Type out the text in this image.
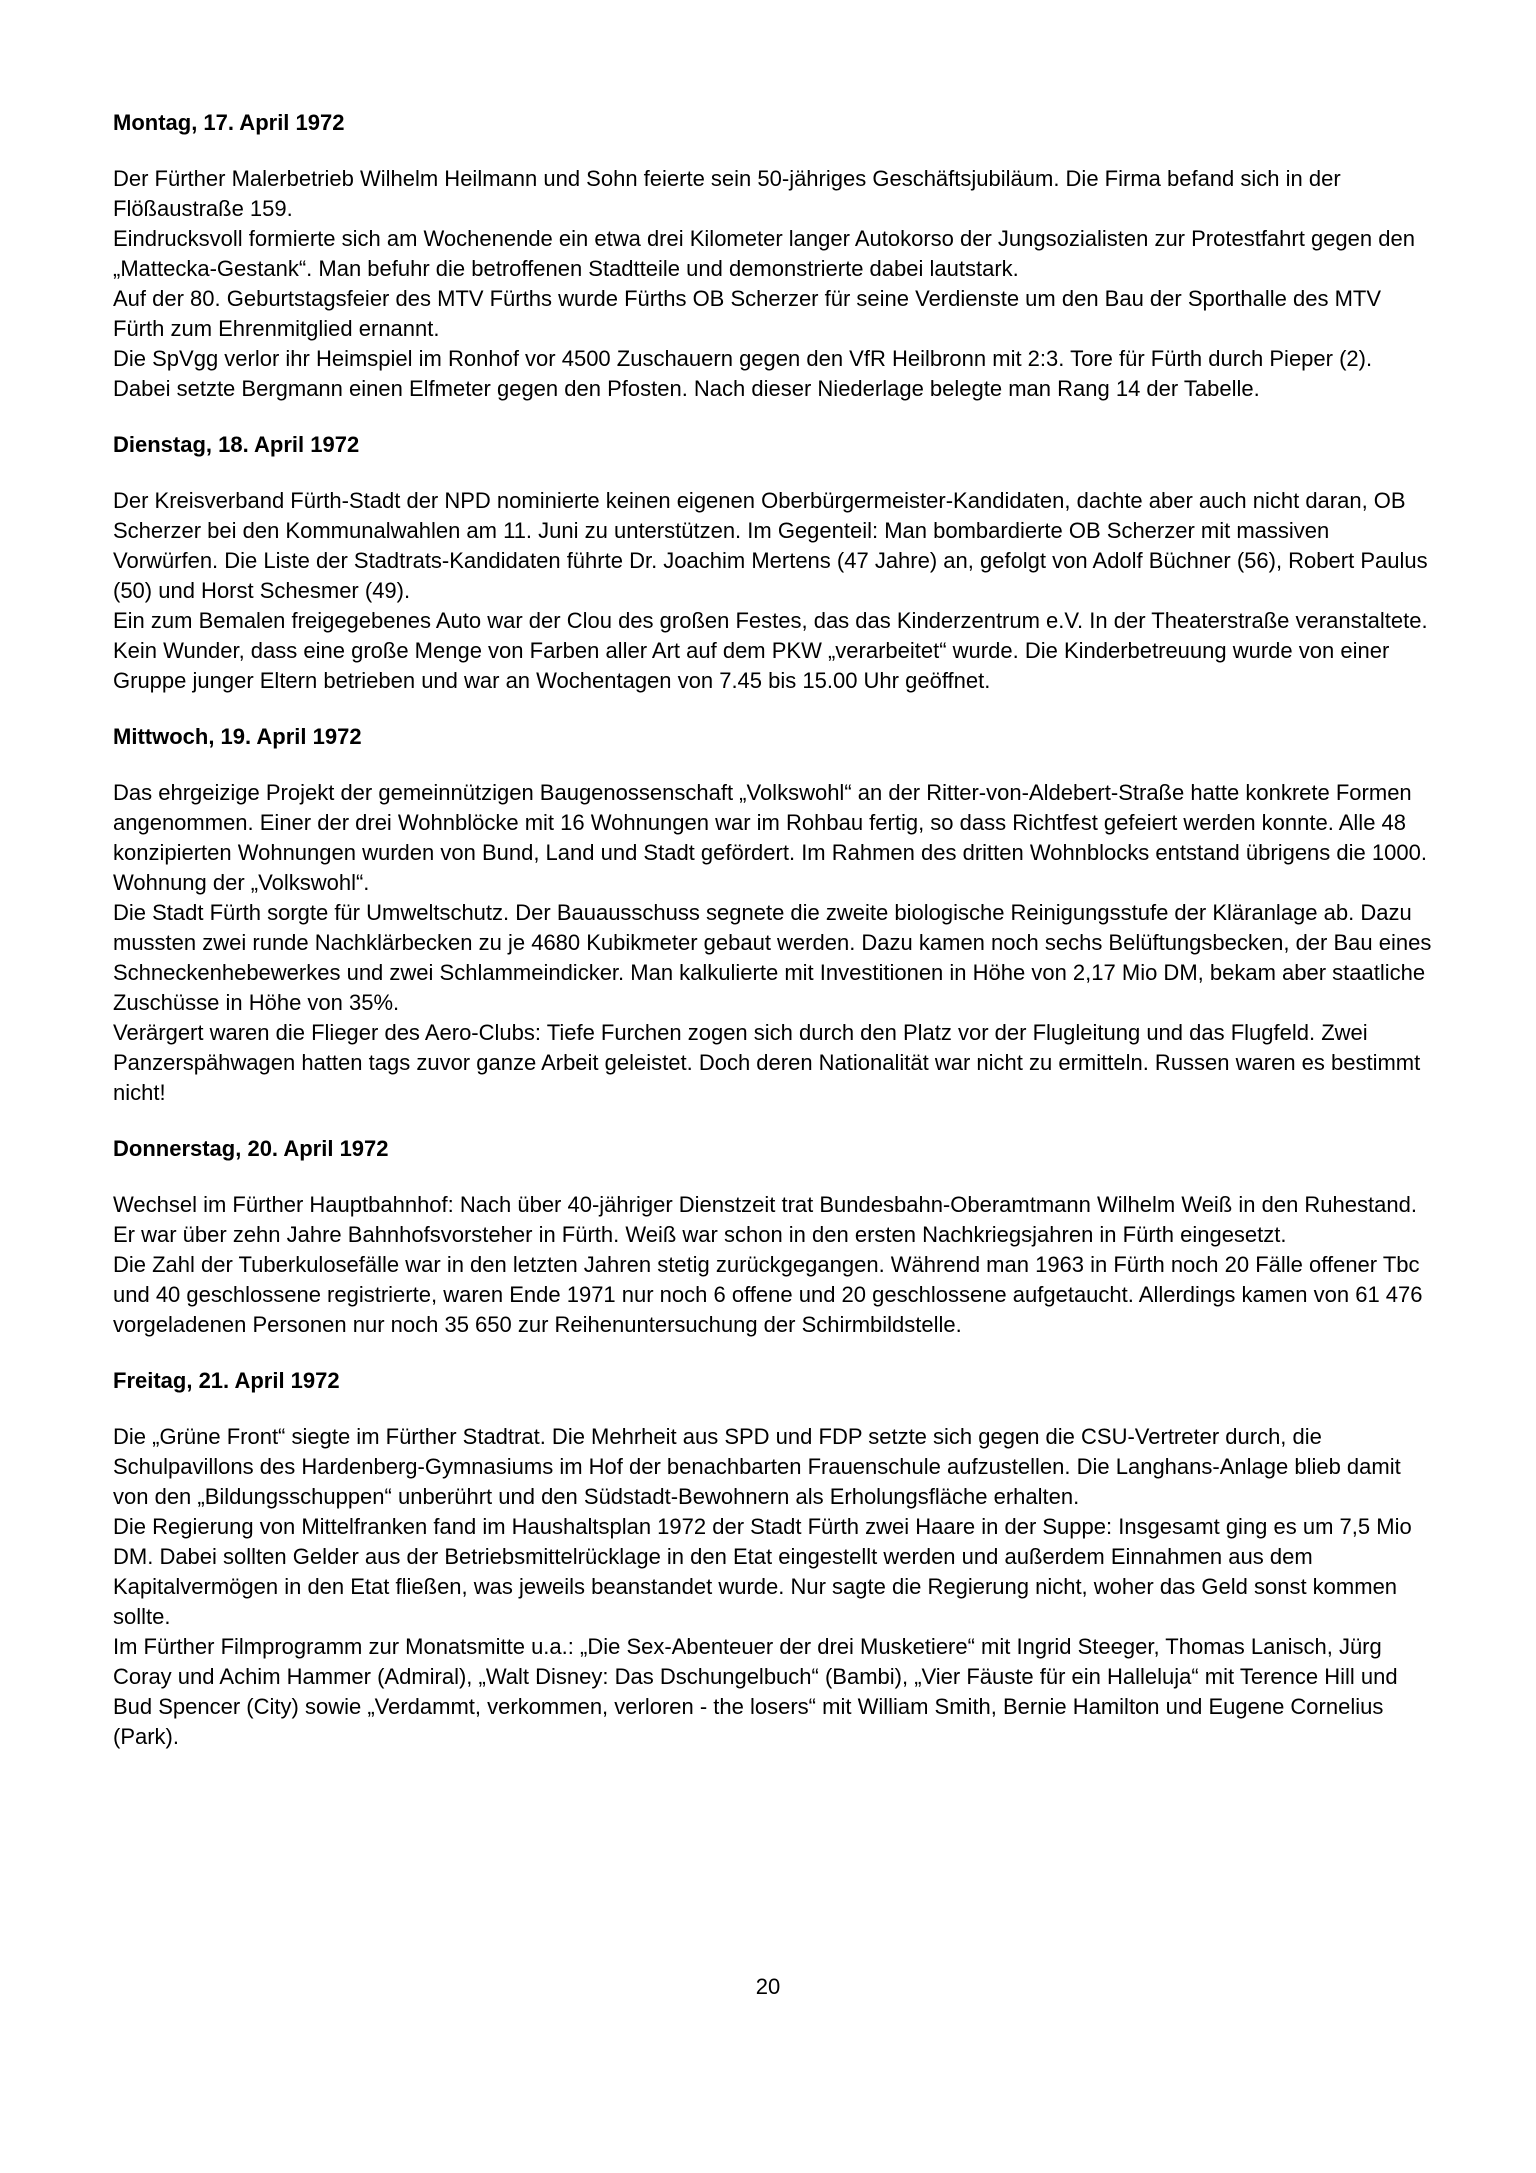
Montag, 17. April 1972

Der Fürther Malerbetrieb Wilhelm Heilmann und Sohn feierte sein 50-jähriges Geschäftsjubiläum. Die Firma befand sich in der Flößaustraße 159.

Eindrucksvoll formierte sich am Wochenende ein etwa drei Kilometer langer Autokorso der Jungsozialisten zur Protestfahrt gegen den „Mattecka-Gestank“. Man befuhr die betroffenen Stadtteile und demonstrierte dabei lautstark.

Auf der 80. Geburtstagsfeier des MTV Fürths wurde Fürths OB Scherzer für seine Verdienste um den Bau der Sporthalle des MTV Fürth zum Ehrenmitglied ernannt.

Die SpVgg verlor ihr Heimspiel im Ronhof vor 4500 Zuschauern gegen den VfR Heilbronn mit 2:3. Tore für Fürth durch Pieper (2). Dabei setzte Bergmann einen Elfmeter gegen den Pfosten. Nach dieser Niederlage belegte man Rang 14 der Tabelle.

Dienstag, 18. April 1972

Der Kreisverband Fürth-Stadt der NPD nominierte keinen eigenen Oberbürgermeister-Kandidaten, dachte aber auch nicht daran, OB Scherzer bei den Kommunalwahlen am 11. Juni zu unterstützen. Im Gegenteil: Man bombardierte OB Scherzer mit massiven Vorwürfen. Die Liste der Stadtrats-Kandidaten führte Dr. Joachim Mertens (47 Jahre) an, gefolgt von Adolf Büchner (56), Robert Paulus (50) und Horst Schesmer (49).

Ein zum Bemalen freigegebenes Auto war der Clou des großen Festes, das das Kinderzentrum e.V. In der Theaterstraße veranstaltete. Kein Wunder, dass eine große Menge von Farben aller Art auf dem PKW „verarbeitet“ wurde. Die Kinderbetreuung wurde von einer Gruppe junger Eltern betrieben und war an Wochentagen von 7.45 bis 15.00 Uhr geöffnet.

Mittwoch, 19. April 1972

Das ehrgeizige Projekt der gemeinnützigen Baugenossenschaft „Volkswohl“ an der Ritter-von-Aldebert-Straße hatte konkrete Formen angenommen. Einer der drei Wohnblöcke mit 16 Wohnungen war im Rohbau fertig, so dass Richtfest gefeiert werden konnte. Alle 48 konzipierten Wohnungen wurden von Bund, Land und Stadt gefördert. Im Rahmen des dritten Wohnblocks entstand übrigens die 1000. Wohnung der „Volkswohl“.

Die Stadt Fürth sorgte für Umweltschutz. Der Bauausschuss segnete die zweite biologische Reinigungsstufe der Kläranlage ab. Dazu mussten zwei runde Nachklärbecken zu je 4680 Kubikmeter gebaut werden. Dazu kamen noch sechs Belüftungsbecken, der Bau eines Schneckenhebewerkes und zwei Schlammeindicker. Man kalkulierte mit Investitionen in Höhe von 2,17 Mio DM, bekam aber staatliche Zuschüsse in Höhe von 35%.

Verärgert waren die Flieger des Aero-Clubs: Tiefe Furchen zogen sich durch den Platz vor der Flugleitung und das Flugfeld. Zwei Panzerspähwagen hatten tags zuvor ganze Arbeit geleistet. Doch deren Nationalität war nicht zu ermitteln. Russen waren es bestimmt nicht!

Donnerstag, 20. April 1972

Wechsel im Fürther Hauptbahnhof: Nach über 40-jähriger Dienstzeit trat Bundesbahn-Oberamtmann Wilhelm Weiß in den Ruhestand. Er war über zehn Jahre Bahnhofsvorsteher in Fürth. Weiß war schon in den ersten Nachkriegsjahren in Fürth eingesetzt.

Die Zahl der Tuberkulosefälle war in den letzten Jahren stetig zurückgegangen. Während man 1963 in Fürth noch 20 Fälle offener Tbc und 40 geschlossene registrierte, waren Ende 1971 nur noch 6 offene und 20 geschlossene aufgetaucht. Allerdings kamen von 61 476 vorgeladenen Personen nur noch 35 650 zur Reihenuntersuchung der Schirmbildstelle.

Freitag, 21. April 1972

Die „Grüne Front“ siegte im Fürther Stadtrat. Die Mehrheit aus SPD und FDP setzte sich gegen die CSU-Vertreter durch, die Schulpavillons des Hardenberg-Gymnasiums im Hof der benachbarten Frauenschule aufzustellen. Die Langhans-Anlage blieb damit von den „Bildungsschuppen“ unberührt und den Südstadt-Bewohnern als Erholungsfläche erhalten.

Die Regierung von Mittelfranken fand im Haushaltsplan 1972 der Stadt Fürth zwei Haare in der Suppe: Insgesamt ging es um 7,5 Mio DM. Dabei sollten Gelder aus der Betriebsmittelrücklage in den Etat eingestellt werden und außerdem Einnahmen aus dem Kapitalvermögen in den Etat fließen, was jeweils beanstandet wurde. Nur sagte die Regierung nicht, woher das Geld sonst kommen sollte.

Im Fürther Filmprogramm zur Monatsmitte u.a.: „Die Sex-Abenteuer der drei Musketiere“ mit Ingrid Steeger, Thomas Lanisch, Jürg Coray und Achim Hammer (Admiral), „Walt Disney: Das Dschungelbuch“ (Bambi), „Vier Fäuste für ein Halleluja“ mit Terence Hill und Bud Spencer (City) sowie „Verdammt, verkommen, verloren - the losers“ mit William Smith, Bernie Hamilton und Eugene Cornelius (Park).

20
